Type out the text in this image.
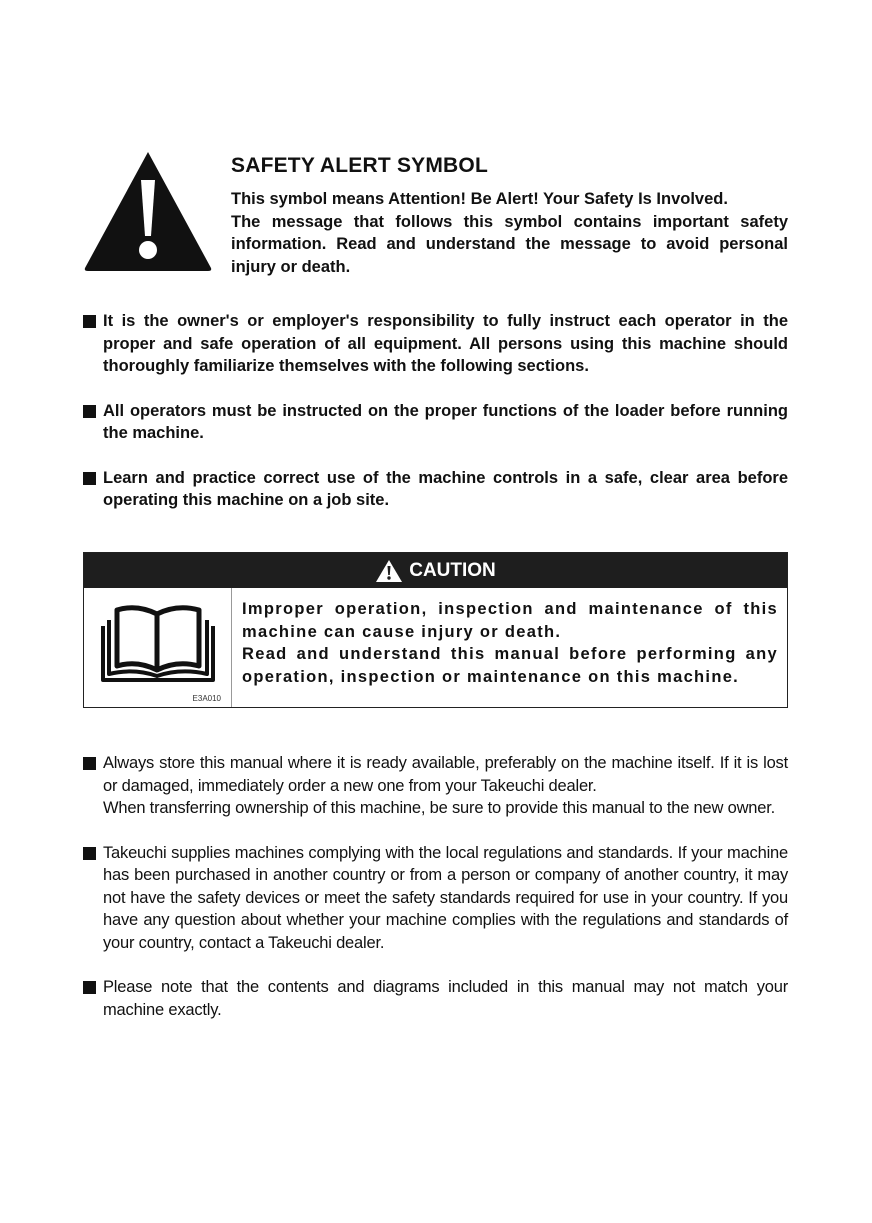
SAFETY ALERT SYMBOL

This symbol means Attention! Be Alert! Your Safety Is Involved.
The message that follows this symbol contains important safety information. Read and understand the message to avoid personal injury or death.

It is the owner's or employer's responsibility to fully instruct each operator in the proper and safe operation of all equipment. All persons using this machine should thoroughly familiarize themselves with the following sections.

All operators must be instructed on the proper functions of the loader before running the machine.

Learn and practice correct use of the machine controls in a safe, clear area before operating this machine on a job site.

CAUTION
E3A010

Improper operation, inspection and maintenance of this machine can cause injury or death.
Read and understand this manual before performing any operation, inspection or maintenance on this machine.

Always store this manual where it is ready available, preferably on the machine itself. If it is lost or damaged, immediately order a new one from your Takeuchi dealer.
When transferring ownership of this machine, be sure to provide this manual to the new owner.

Takeuchi supplies machines complying with the local regulations and standards. If your machine has been purchased in another country or from a person or company of another country, it may not have the safety devices or meet the safety standards required for use in your country. If you have any question about whether your machine complies with the regulations and standards of your country, contact a Takeuchi dealer.

Please note that the contents and diagrams included in this manual may not match your machine exactly.
